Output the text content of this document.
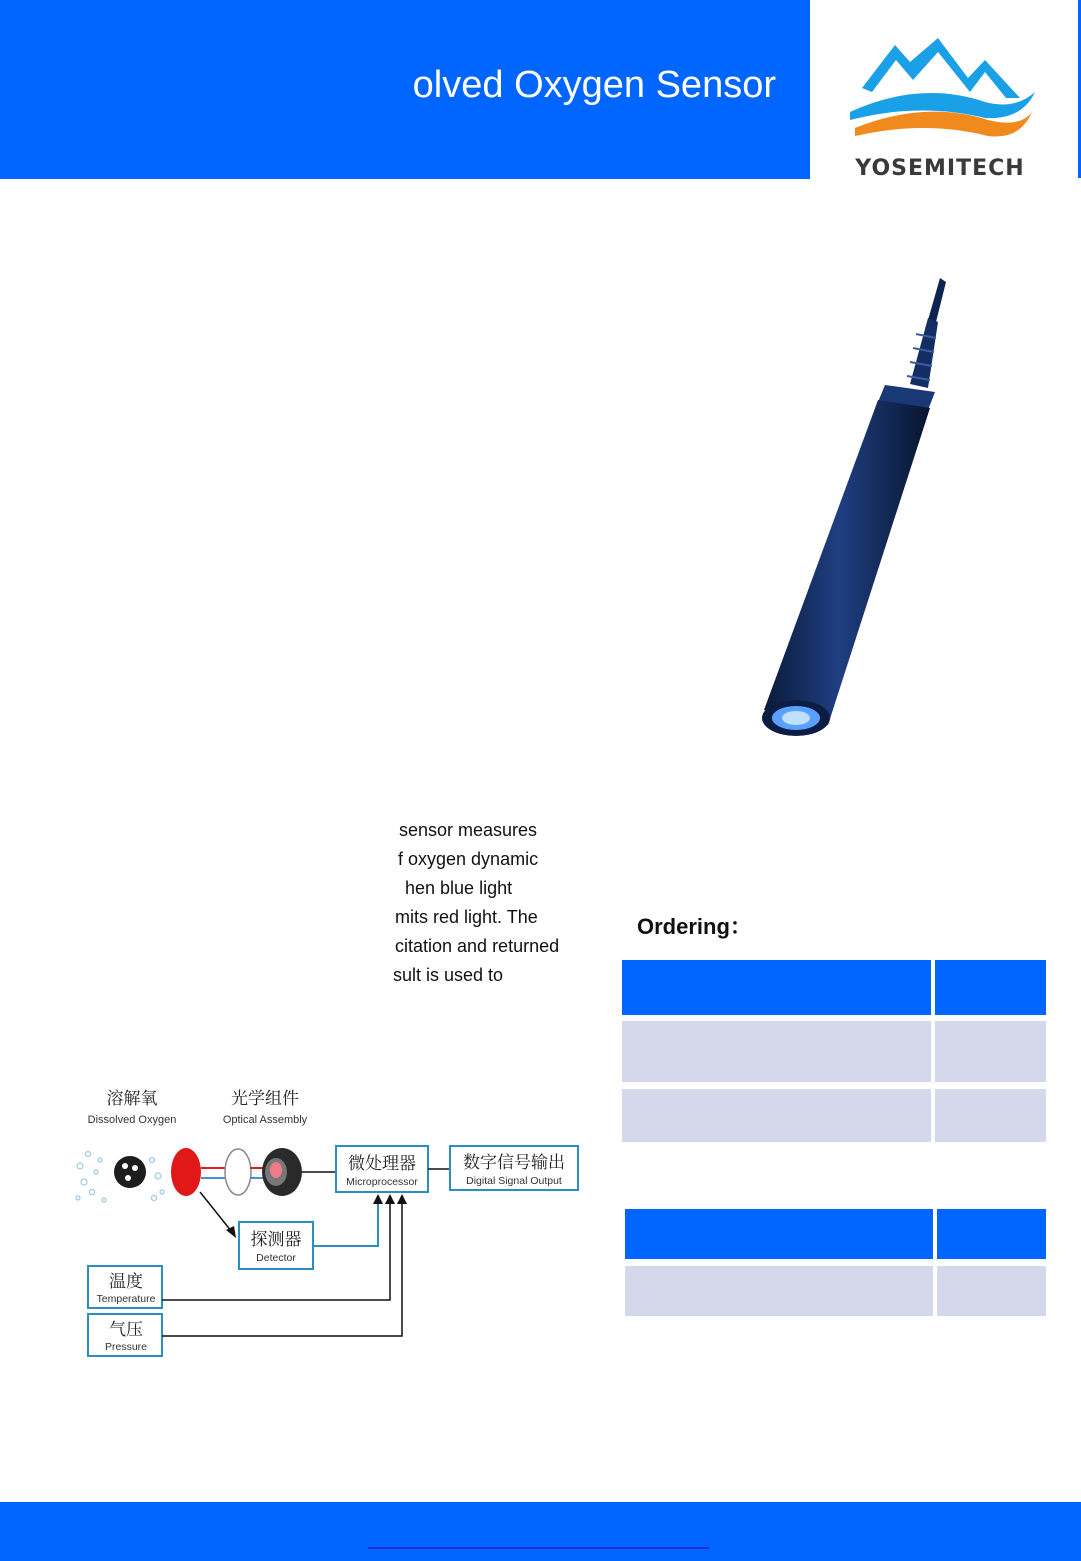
olved Oxygen Sensor
YOSEMITECH
sensor measures
f oxygen dynamic
hen blue light
mits red light. The
citation and returned
sult is used to
Ordering：
溶解氧
Dissolved Oxygen
光学组件
Optical Assembly
微处理器
Microprocessor
数字信号输出
Digital Signal Output
探测器
Detector
温度
Temperature
气压
Pressure
